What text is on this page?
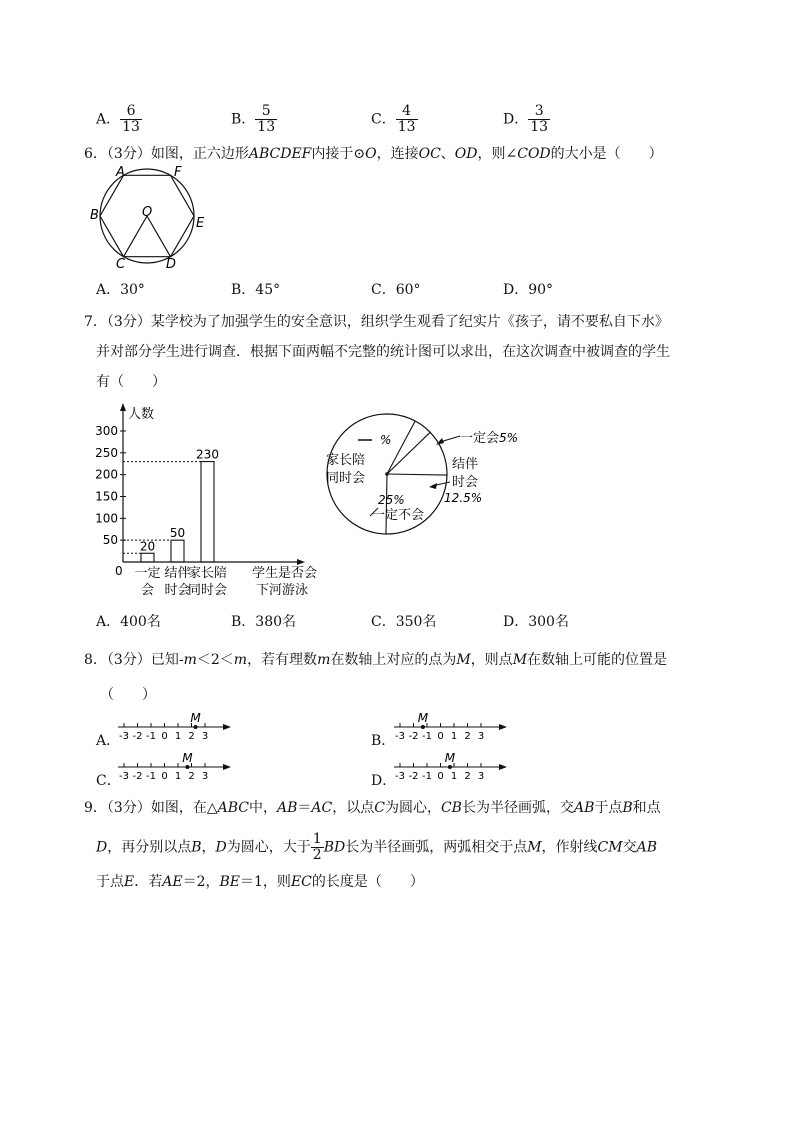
A． $\frac{6}{13}$	B． $\frac{5}{13}$	C． $\frac{4}{13}$	D． $\frac{3}{13}$
6．（3分）如图，正六边形ABCDEF内接于⊙O，连接OC、OD，则∠COD的大小是（　　）
A	F
B
E
O
C	D
A．30°	B．45°	C．60°	D．90°
7．（3分）某学校为了加强学生的安全意识，组织学生观看了纪实片《孩子，请不要私自下水》
并对部分学生进行调查．根据下面两幅不完整的统计图可以求出，在这次调查中被调查的学生
有（　　）
人数
0	学生是否会
下河游泳
300
250
200
150
100
50 20
一定
会
50
结伴
时会
230
家长陪
同时会
%
家长陪
同时会
一定会 5%
结伴
时会
12.5%
25%
一定不会
A．400名	B．380名	C．350名	D．300名
8．（3分）已知-m＜2＜m，若有理数m在数轴上对应的点为M，则点M在数轴上可能的位置是
（　　）
A．
-3 -2 -1 0 1 2 3
M
B． -3 -2 -1 0 1 2 3
M
C．
-3 -2 -1 0 1 2 3
M
D．
-3 -2 -1 0 1 2 3
M
9．（3分）如图，在△ABC中，AB＝AC，以点C为圆心，CB长为半径画弧，交AB于点B和点
D，再分别以点B，D为圆心，大于 $\frac{1}{2}$ BD长为半径画弧，两弧相交于点M，作射线CM交AB
于点E．若AE＝2，BE＝1，则EC的长度是（　　）
